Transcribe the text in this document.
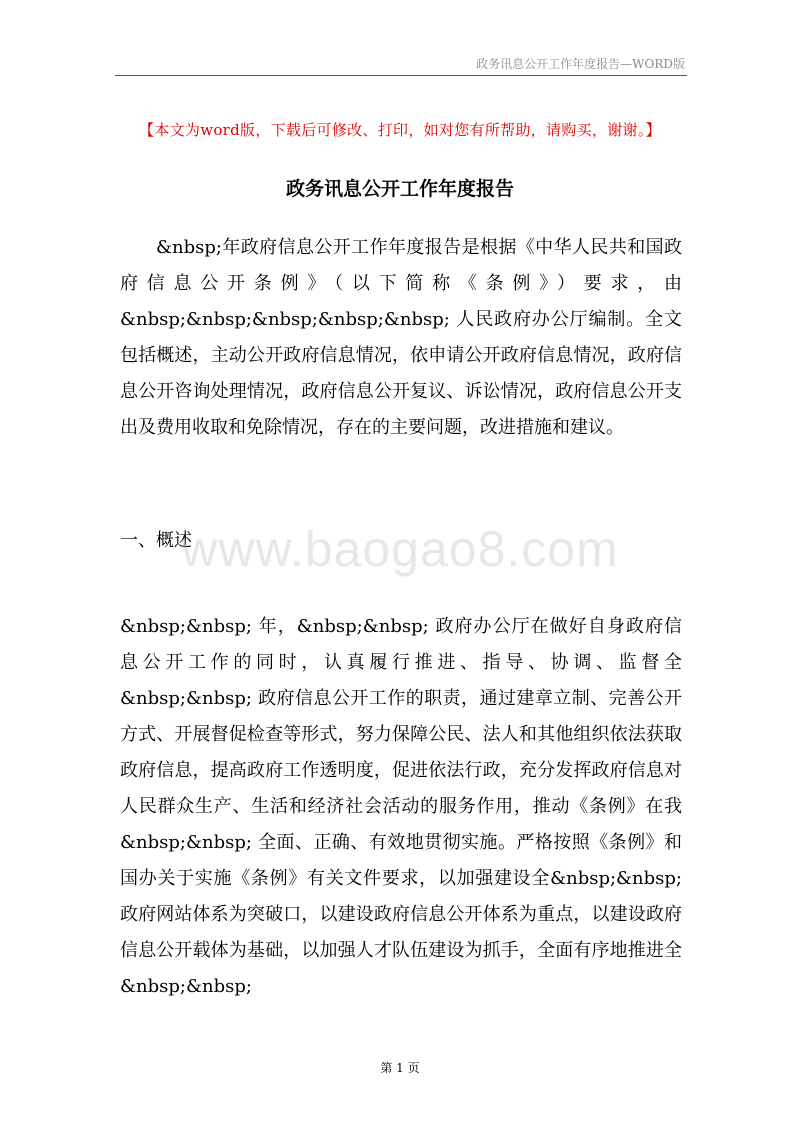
政务讯息公开工作年度报告—WORD版
【本文为word版，下载后可修改、打印，如对您有所帮助，请购买，谢谢。】
政务讯息公开工作年度报告

&nbsp;年政府信息公开工作年度报告是根据《中华人民共和国政府信息公开条例》（以下简称《条例》）要求，由&nbsp;&nbsp;&nbsp;&nbsp;&nbsp; 人民政府办公厅编制。全文包括概述，主动公开政府信息情况，依申请公开政府信息情况，政府信息公开咨询处理情况，政府信息公开复议、诉讼情况，政府信息公开支出及费用收取和免除情况，存在的主要问题，改进措施和建议。

一、概述
www.baogao8.com

&nbsp;&nbsp; 年，&nbsp;&nbsp; 政府办公厅在做好自身政府信息公开工作的同时，认真履行推进、指导、协调、监督全&nbsp;&nbsp; 政府信息公开工作的职责，通过建章立制、完善公开方式、开展督促检查等形式，努力保障公民、法人和其他组织依法获取政府信息，提高政府工作透明度，促进依法行政，充分发挥政府信息对人民群众生产、生活和经济社会活动的服务作用，推动《条例》在我&nbsp;&nbsp; 全面、正确、有效地贯彻实施。严格按照《条例》和国办关于实施《条例》有关文件要求，以加强建设全&nbsp;&nbsp; 政府网站体系为突破口，以建设政府信息公开体系为重点，以建设政府信息公开载体为基础，以加强人才队伍建设为抓手，全面有序地推进全&nbsp;&nbsp;

第 1 页
